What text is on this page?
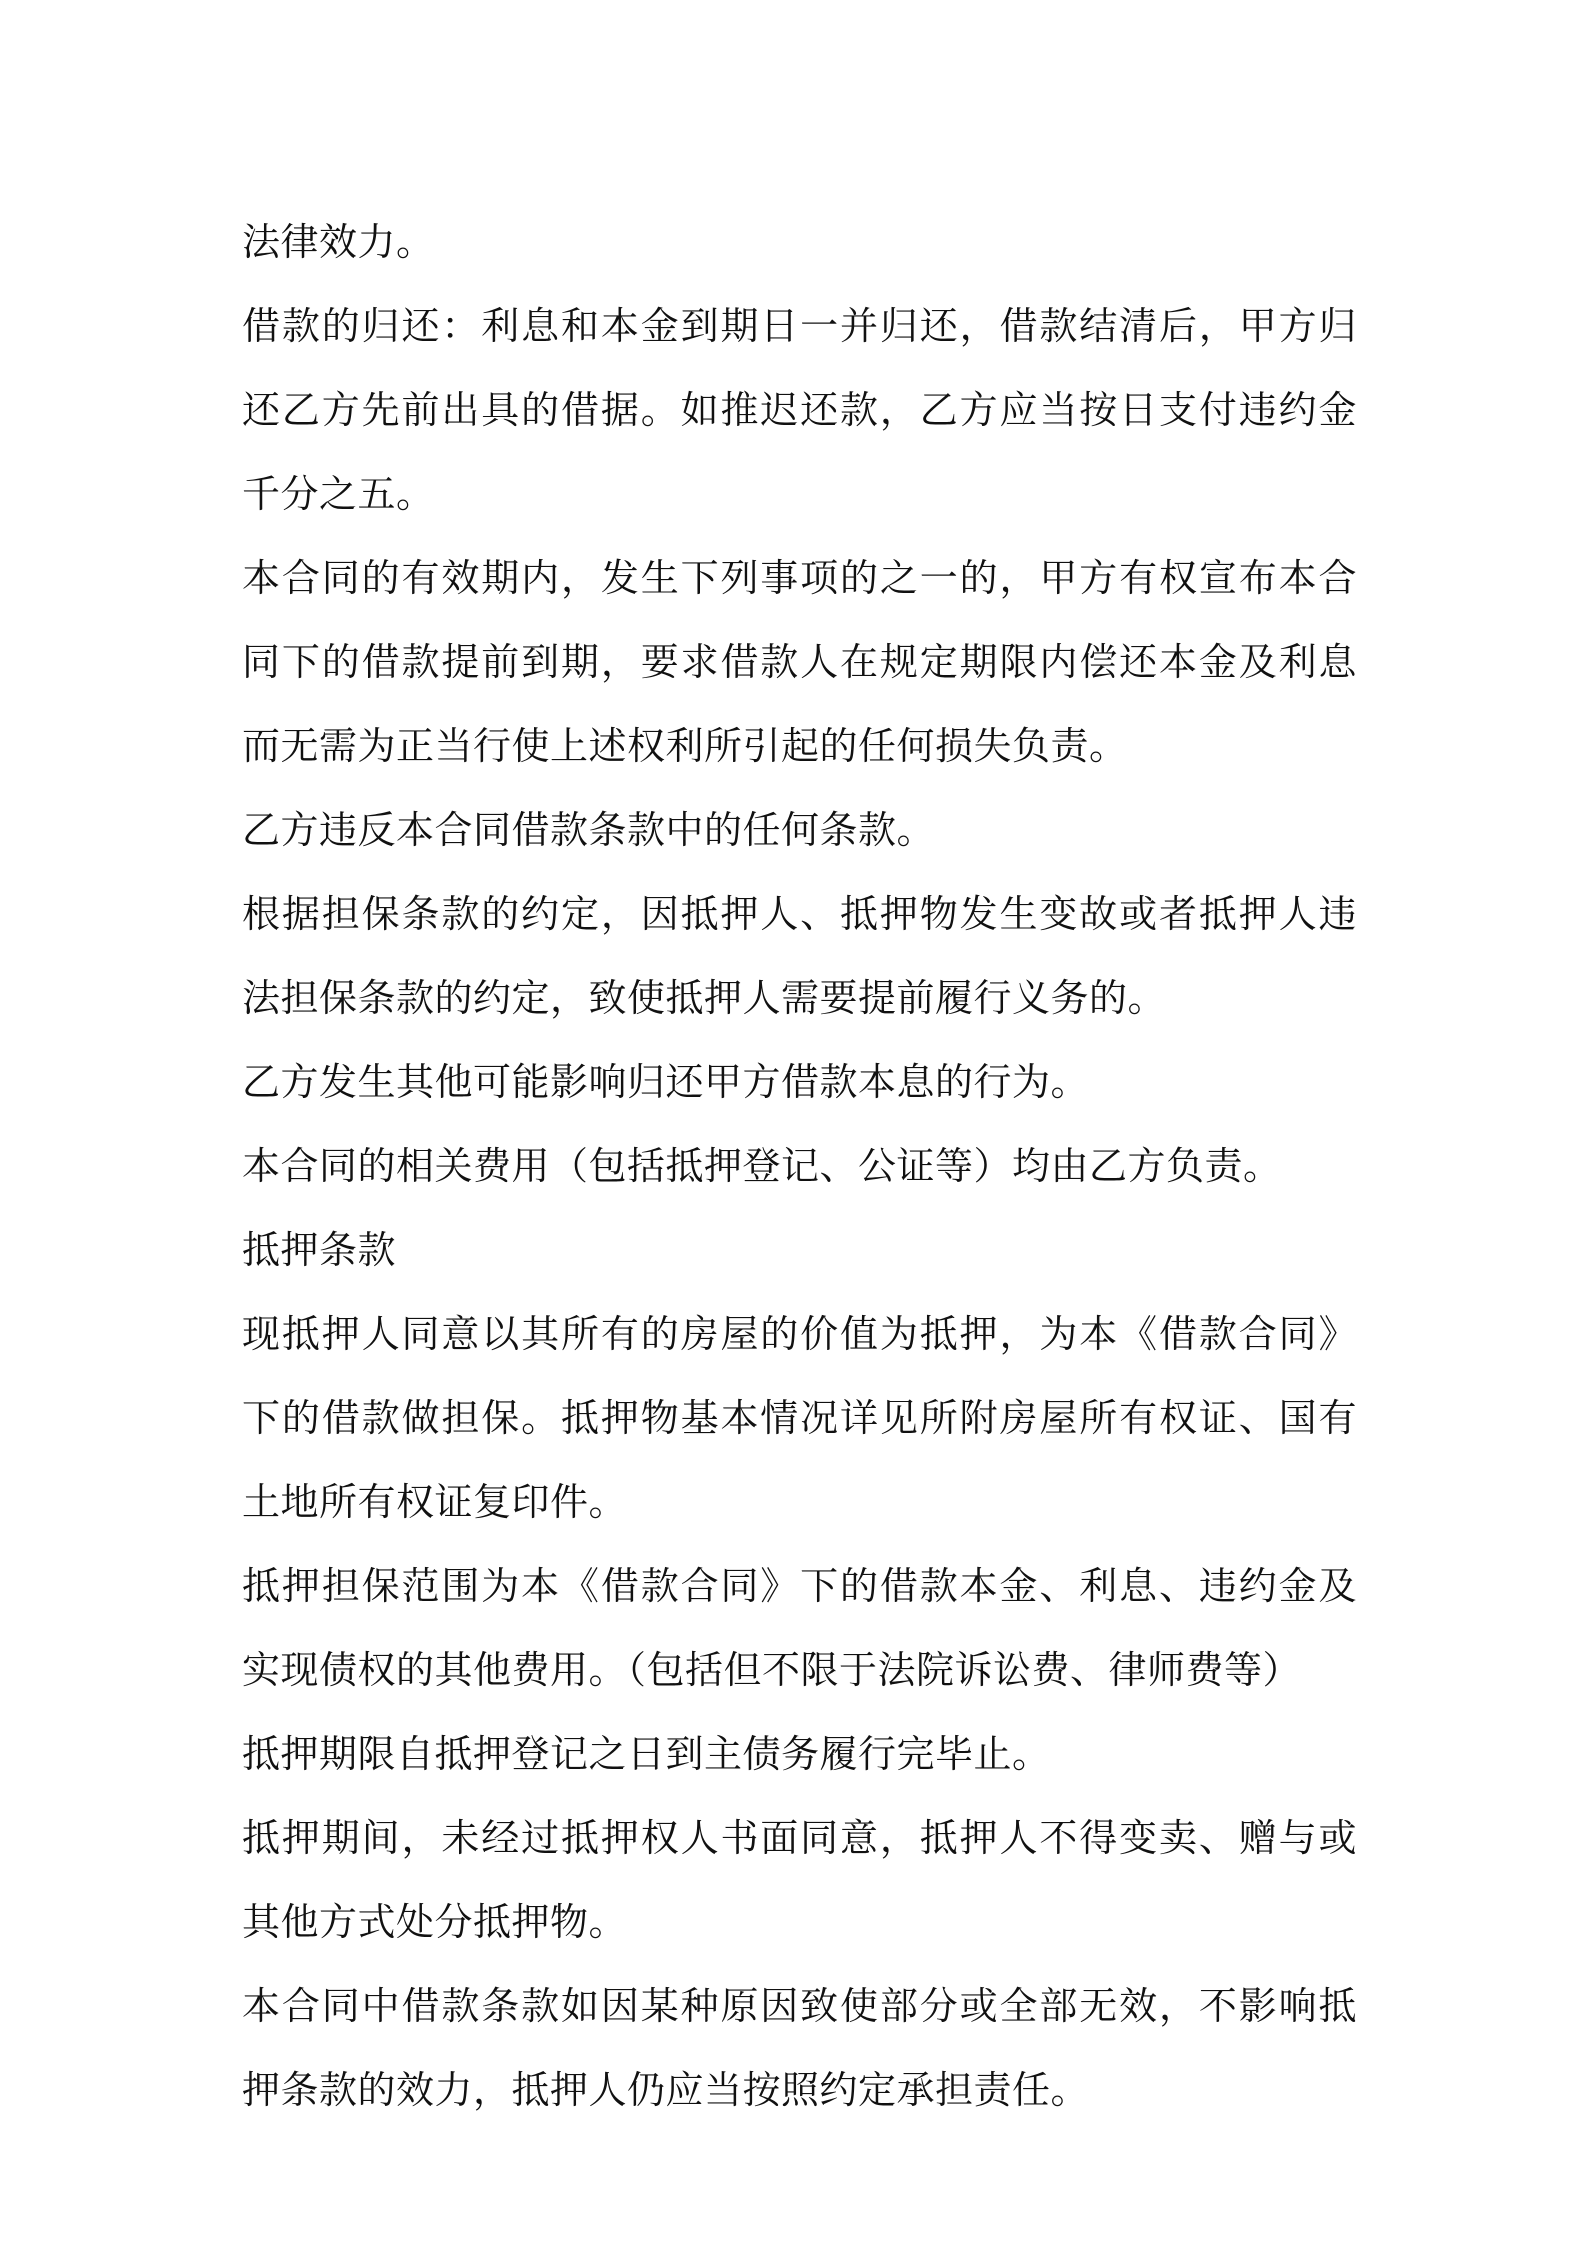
法律效力。

借款的归还：利息和本金到期日一并归还，借款结清后，甲方归还乙方先前出具的借据。如推迟还款，乙方应当按日支付违约金千分之五。

本合同的有效期内，发生下列事项的之一的，甲方有权宣布本合同下的借款提前到期，要求借款人在规定期限内偿还本金及利息而无需为正当行使上述权利所引起的任何损失负责。

乙方违反本合同借款条款中的任何条款。

根据担保条款的约定，因抵押人、抵押物发生变故或者抵押人违法担保条款的约定，致使抵押人需要提前履行义务的。

乙方发生其他可能影响归还甲方借款本息的行为。

本合同的相关费用（包括抵押登记、公证等）均由乙方负责。

抵押条款

现抵押人同意以其所有的房屋的价值为抵押，为本《借款合同》下的借款做担保。抵押物基本情况详见所附房屋所有权证、国有土地所有权证复印件。

抵押担保范围为本《借款合同》下的借款本金、利息、违约金及实现债权的其他费用。（包括但不限于法院诉讼费、律师费等）

抵押期限自抵押登记之日到主债务履行完毕止。

抵押期间，未经过抵押权人书面同意，抵押人不得变卖、赠与或其他方式处分抵押物。

本合同中借款条款如因某种原因致使部分或全部无效，不影响抵押条款的效力，抵押人仍应当按照约定承担责任。
